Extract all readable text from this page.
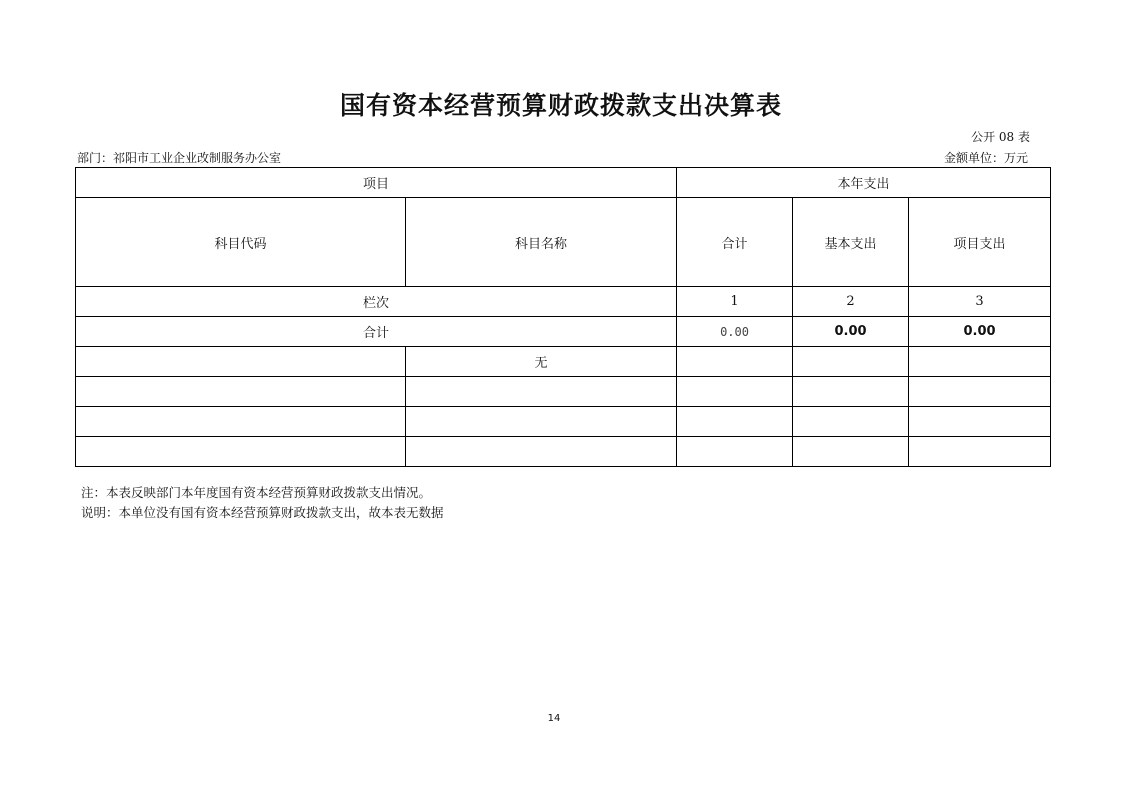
国有资本经营预算财政拨款支出决算表
公开 08 表
部门：祁阳市工业企业改制服务办公室	金额单位：万元
项目		本年支出		
科目代码	科目名称	合计	基本支出	项目支出
栏次		1	2	3
合计		0.00	0.00	0.00
	无			

注：本表反映部门本年度国有资本经营预算财政拨款支出情况。
说明：本单位没有国有资本经营预算财政拨款支出，故本表无数据
14
